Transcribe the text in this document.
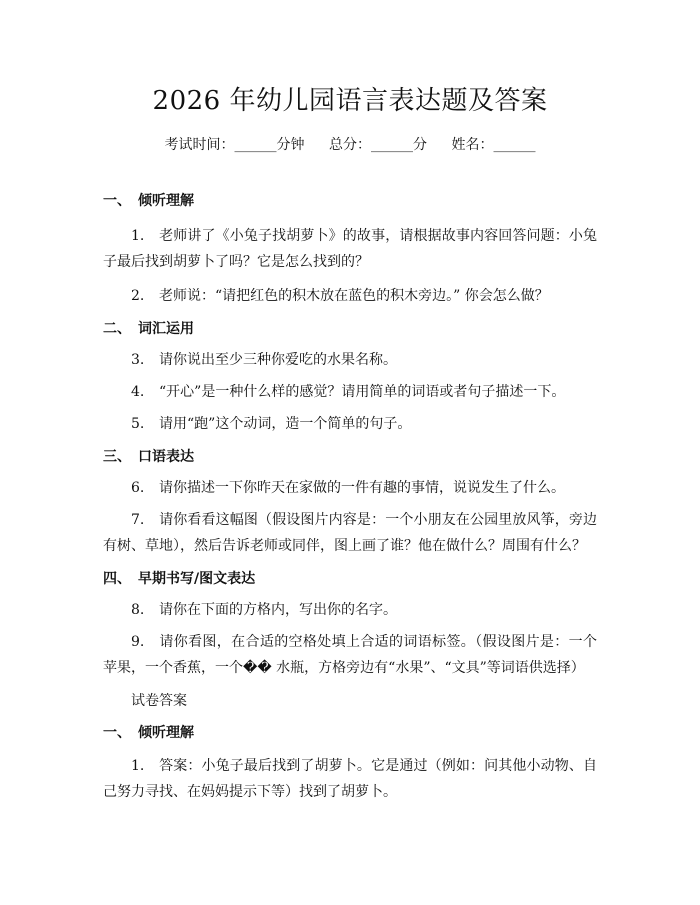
2026 年幼儿园语言表达题及答案
考试时间：______分钟 总分：______分 姓名：______
一、 倾听理解

1. 老师讲了《小兔子找胡萝卜》的故事，请根据故事内容回答问题：小兔子最后找到胡萝卜了吗？它是怎么找到的？

2. 老师说：“请把红色的积木放在蓝色的积木旁边。” 你会怎么做？

二、 词汇运用

3. 请你说出至少三种你爱吃的水果名称。

4. “开心”是一种什么样的感觉？请用简单的词语或者句子描述一下。

5. 请用“跑”这个动词，造一个简单的句子。

三、 口语表达

6. 请你描述一下你昨天在家做的一件有趣的事情，说说发生了什么。

7. 请你看看这幅图（假设图片内容是：一个小朋友在公园里放风筝，旁边有树、草地），然后告诉老师或同伴，图上画了谁？他在做什么？周围有什么？

四、 早期书写/图文表达

8. 请你在下面的方格内，写出你的名字。

9. 请你看图，在合适的空格处填上合适的词语标签。（假设图片是：一个苹果，一个香蕉，一个�� 水瓶，方格旁边有“水果”、“文具”等词语供选择）

试卷答案

一、 倾听理解

1. 答案：小兔子最后找到了胡萝卜。它是通过（例如：问其他小动物、自己努力寻找、在妈妈提示下等）找到了胡萝卜。
